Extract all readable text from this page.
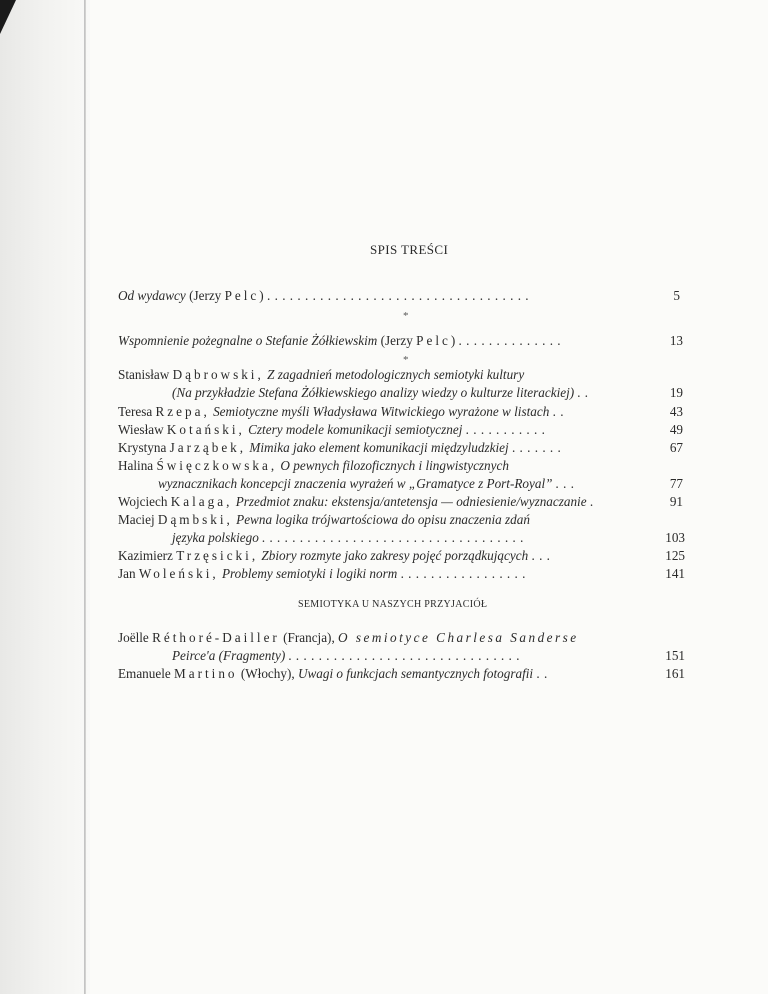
SPIS TREŚCI
Od wydawcy (Jerzy Pelc) ...................................	5
*
Wspomnienie pożegnalne o Stefanie Żółkiewskim (Jerzy Pelc) ..............	13
*
Stanisław Dąbrowski, Z zagadnień metodologicznych semiotyki kultury
(Na przykładzie Stefana Żółkiewskiego analizy wiedzy o kulturze literackiej) ..	19
Teresa Rzepa, Semiotyczne myśli Władysława Witwickiego wyrażone w listach ..	43
Wiesław Kotański, Cztery modele komunikacji semiotycznej ...........	49
Krystyna Jarząbek, Mimika jako element komunikacji międzyludzkiej .......	67
Halina Święczkowska, O pewnych filozoficznych i lingwistycznych
wyznacznikach koncepcji znaczenia wyrażeń w „Gramatyce z Port-Royal” ...	77
Wojciech Kalaga, Przedmiot znaku: ekstensja/antetensja — odniesienie/wyznaczanie .	91
Maciej Dąmbski, Pewna logika trójwartościowa do opisu znaczenia zdań
języka polskiego ...................................	103
Kazimierz Trzęsicki, Zbiory rozmyte jako zakresy pojęć porządkujących ...	125
Jan Woleński, Problemy semiotyki i logiki norm .................	141
SEMIOTYKA U NASZYCH PRZYJACIÓŁ
Joëlle Réthoré-Dailler (Francja), O semiotyce Charlesa Sanderse
Peirce'a (Fragmenty) ...............................	151
Emanuele Martino (Włochy), Uwagi o funkcjach semantycznych fotografii ..	161
